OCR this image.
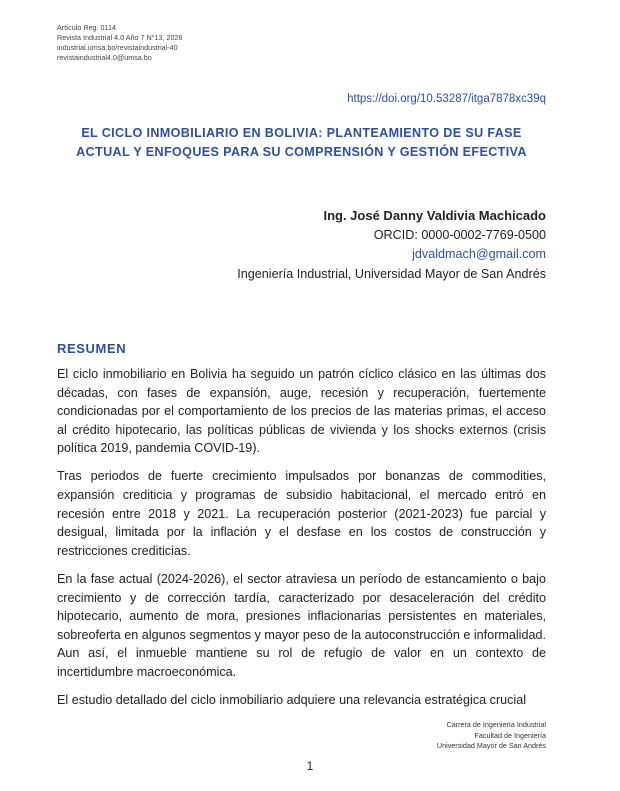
Artículo Reg. 0114
Revista Industrial 4.0 Año 7 N°13, 2026
industrial.umsa.bo/revistaindustrial-40
revistaindustrial4.0@umsa.bo
https://doi.org/10.53287/itga7878xc39q
EL CICLO INMOBILIARIO EN BOLIVIA: PLANTEAMIENTO DE SU FASE ACTUAL Y ENFOQUES PARA SU COMPRENSIÓN Y GESTIÓN EFECTIVA
Ing. José Danny Valdivia Machicado
ORCID: 0000-0002-7769-0500
jdvaldmach@gmail.com
Ingeniería Industrial, Universidad Mayor de San Andrés
RESUMEN

El ciclo inmobiliario en Bolivia ha seguido un patrón cíclico clásico en las últimas dos décadas, con fases de expansión, auge, recesión y recuperación, fuertemente condicionadas por el comportamiento de los precios de las materias primas, el acceso al crédito hipotecario, las políticas públicas de vivienda y los shocks externos (crisis política 2019, pandemia COVID-19).

Tras periodos de fuerte crecimiento impulsados por bonanzas de commodities, expansión crediticia y programas de subsidio habitacional, el mercado entró en recesión entre 2018 y 2021. La recuperación posterior (2021-2023) fue parcial y desigual, limitada por la inflación y el desfase en los costos de construcción y restricciones crediticias.

En la fase actual (2024-2026), el sector atraviesa un período de estancamiento o bajo crecimiento y de corrección tardía, caracterizado por desaceleración del crédito hipotecario, aumento de mora, presiones inflacionarias persistentes en materiales, sobreoferta en algunos segmentos y mayor peso de la autoconstrucción e informalidad. Aun así, el inmueble mantiene su rol de refugio de valor en un contexto de incertidumbre macroeconómica.

El estudio detallado del ciclo inmobiliario adquiere una relevancia estratégica crucial

Carrera de Ingeniería Industrial
Facultad de Ingeniería
Universidad Mayor de San Andrés
1
